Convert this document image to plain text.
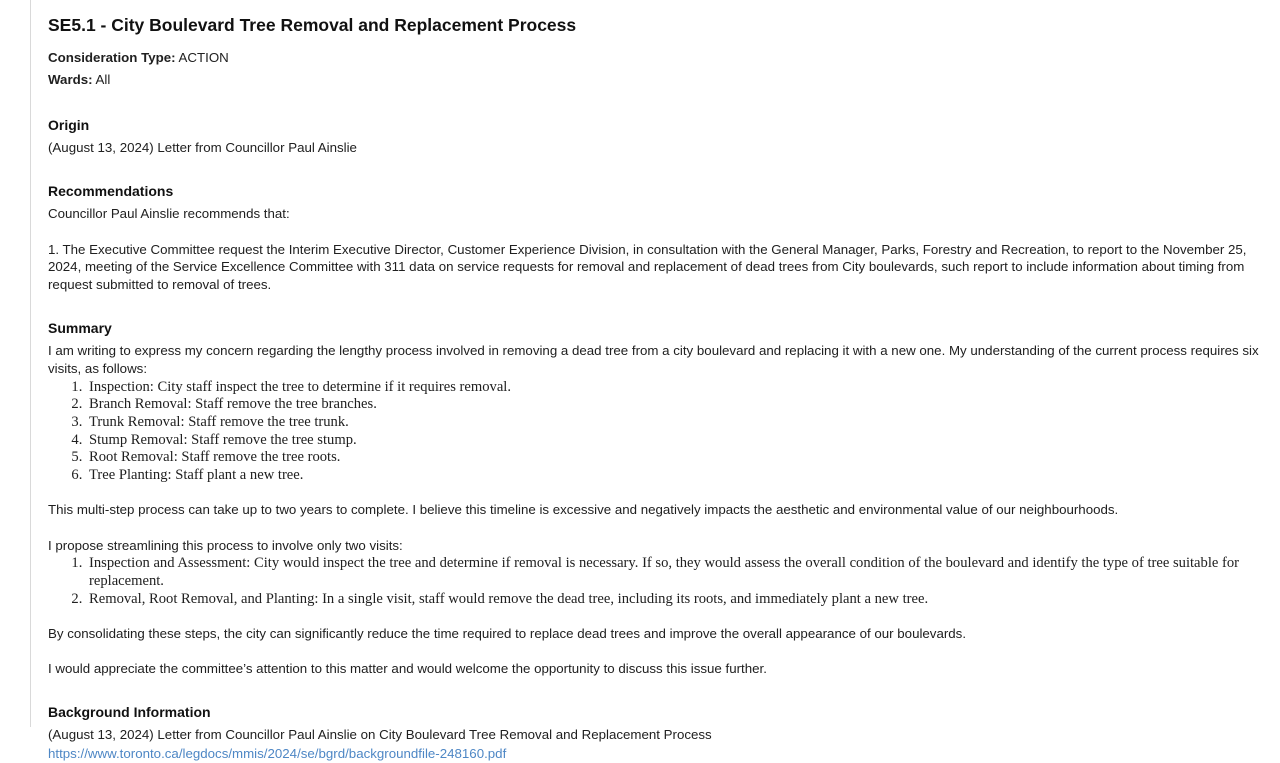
SE5.1 - City Boulevard Tree Removal and Replacement Process

Consideration Type: ACTION

Wards: All

Origin

(August 13, 2024) Letter from Councillor Paul Ainslie

Recommendations

Councillor Paul Ainslie recommends that:

1. The Executive Committee request the Interim Executive Director, Customer Experience Division, in consultation with the General Manager, Parks, Forestry and Recreation, to report to the November 25, 2024, meeting of the Service Excellence Committee with 311 data on service requests for removal and replacement of dead trees from City boulevards, such report to include information about timing from request submitted to removal of trees.

Summary

I am writing to express my concern regarding the lengthy process involved in removing a dead tree from a city boulevard and replacing it with a new one. My understanding of the current process requires six visits, as follows:

1. Inspection: City staff inspect the tree to determine if it requires removal.
2. Branch Removal: Staff remove the tree branches.
3. Trunk Removal: Staff remove the tree trunk.
4. Stump Removal: Staff remove the tree stump.
5. Root Removal: Staff remove the tree roots.
6. Tree Planting: Staff plant a new tree.

This multi-step process can take up to two years to complete. I believe this timeline is excessive and negatively impacts the aesthetic and environmental value of our neighbourhoods.

I propose streamlining this process to involve only two visits:

1. Inspection and Assessment: City would inspect the tree and determine if removal is necessary. If so, they would assess the overall condition of the boulevard and identify the type of tree suitable for replacement.
2. Removal, Root Removal, and Planting: In a single visit, staff would remove the dead tree, including its roots, and immediately plant a new tree.

By consolidating these steps, the city can significantly reduce the time required to replace dead trees and improve the overall appearance of our boulevards.

I would appreciate the committee’s attention to this matter and would welcome the opportunity to discuss this issue further.

Background Information

(August 13, 2024) Letter from Councillor Paul Ainslie on City Boulevard Tree Removal and Replacement Process

https://www.toronto.ca/legdocs/mmis/2024/se/bgrd/backgroundfile-248160.pdf
